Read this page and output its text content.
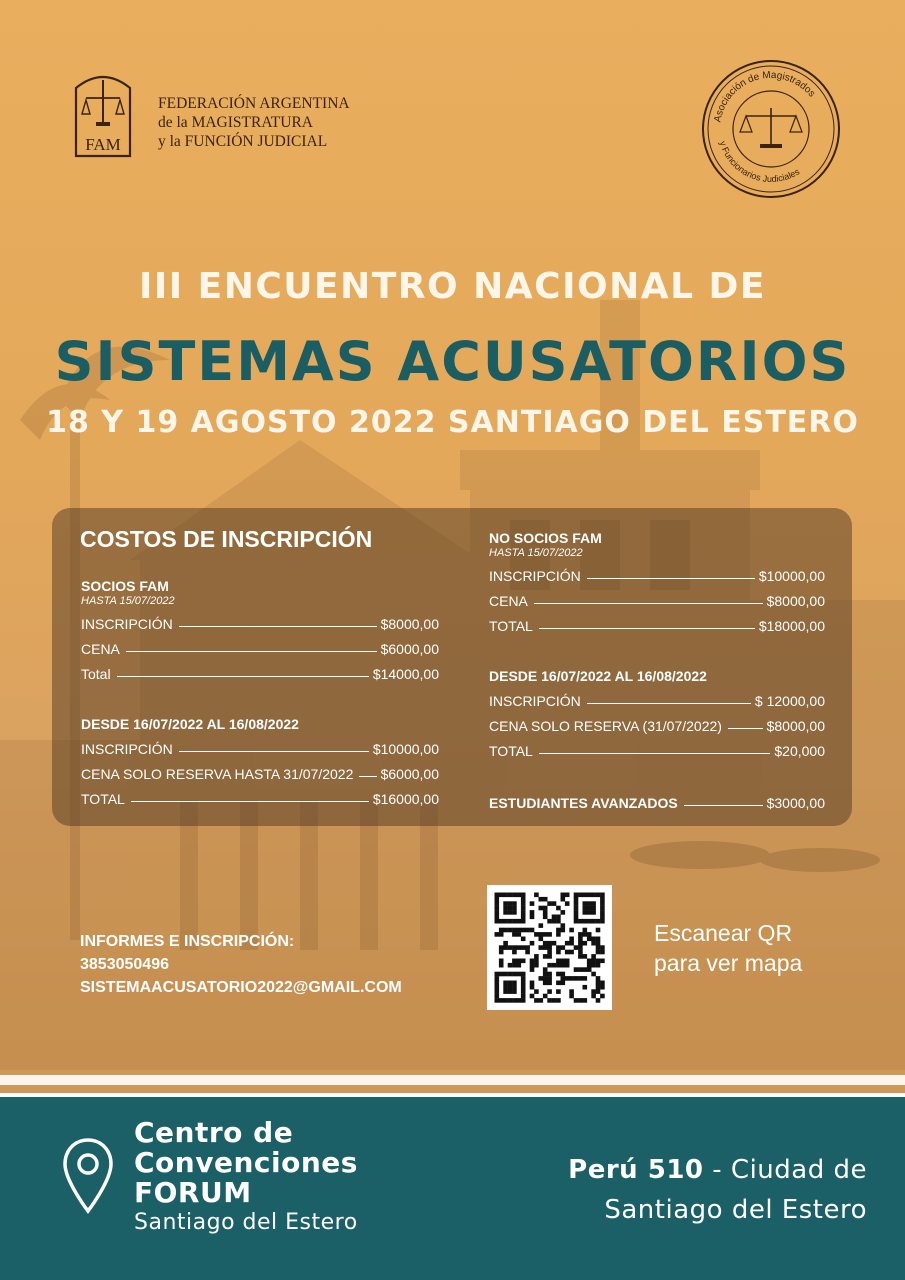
FAM
FEDERACIÓN ARGENTINA
de la MAGISTRATURA
y la FUNCIÓN JUDICIAL
Asociación de Magistrados
y Funcionarios Judiciales
III ENCUENTRO NACIONAL DE
SISTEMAS ACUSATORIOS
18 Y 19 AGOSTO 2022 SANTIAGO DEL ESTERO
COSTOS DE INSCRIPCIÓN
SOCIOS FAM
HASTA 15/07/2022
INSCRIPCIÓN	$8000,00
CENA	$6000,00
Total	$14000,00
DESDE 16/07/2022 AL 16/08/2022
INSCRIPCIÓN	$10000,00
CENA SOLO RESERVA HASTA 31/07/2022 $6000,00
TOTAL	$16000,00
NO SOCIOS FAM
HASTA 15/07/2022
INSCRIPCIÓN	$10000,00
CENA	$8000,00
TOTAL	$18000,00
DESDE 16/07/2022 AL 16/08/2022
INSCRIPCIÓN	$ 12000,00
CENA SOLO RESERVA (31/07/2022)	$8000,00
TOTAL	$20,000
ESTUDIANTES AVANZADOS	$3000,00
INFORMES E INSCRIPCIÓN:
3853050496
SISTEMAACUSATORIO2022@GMAIL.COM
Escanear QR
para ver mapa
Centro de
Convenciones
FORUM
Santiago del Estero
Perú 510 - Ciudad de
Santiago del Estero
